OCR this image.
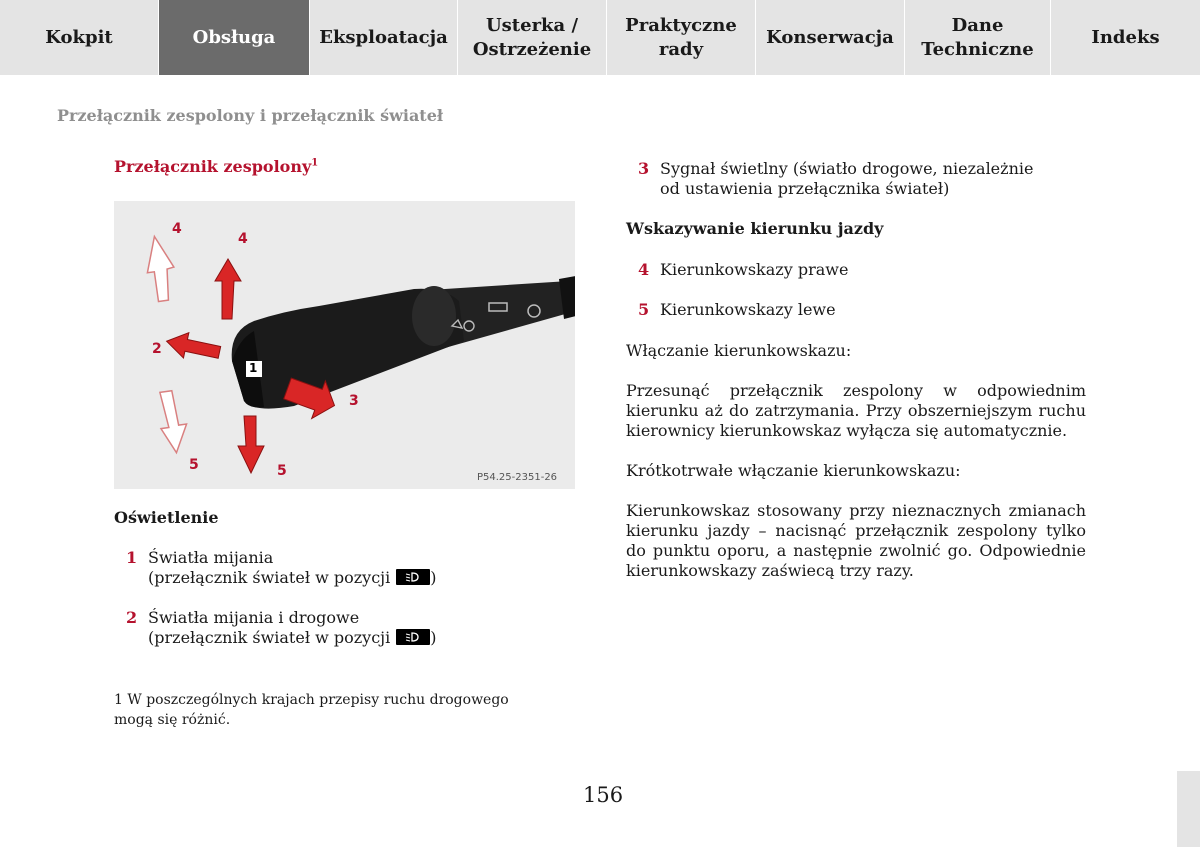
Kokpit	Obsługa Eksploatacja
Usterka /
Ostrzeżenie
Praktyczne
rady
Konserwacja
Dane
Techniczne
Indeks
Przełącznik zespolony i przełącznik świateł
Przełącznik zespolony$^1$
4
4
2
1
3
5	5	P54.25-2351-26
Oświetlenie
1 Światła mijania
(przełącznik świateł w pozycji	)
2 Światła mijania i drogowe
(przełącznik świateł w pozycji	)
1 W poszczególnych krajach przepisy ruchu drogowego mogą się różnić.
3 Sygnał świetlny (światło drogowe, niezależnie
od ustawienia przełącznika świateł)
Wskazywanie kierunku jazdy
4 Kierunkowskazy prawe
5 Kierunkowskazy lewe
Włączanie kierunkowskazu:
Przesunąć przełącznik zespolony w odpowiednim kierunku aż do zatrzymania. Przy obszerniejszym ruchu kierownicy kierunkowskaz wyłącza się automatycznie.
Krótkotrwałe włączanie kierunkowskazu:
Kierunkowskaz stosowany przy nieznacznych zmianach kierunku jazdy – nacisnąć przełącznik zespolony tylko do punktu oporu, a następnie zwolnić go. Odpowiednie kierunkowskazy zaświecą trzy razy.
156
